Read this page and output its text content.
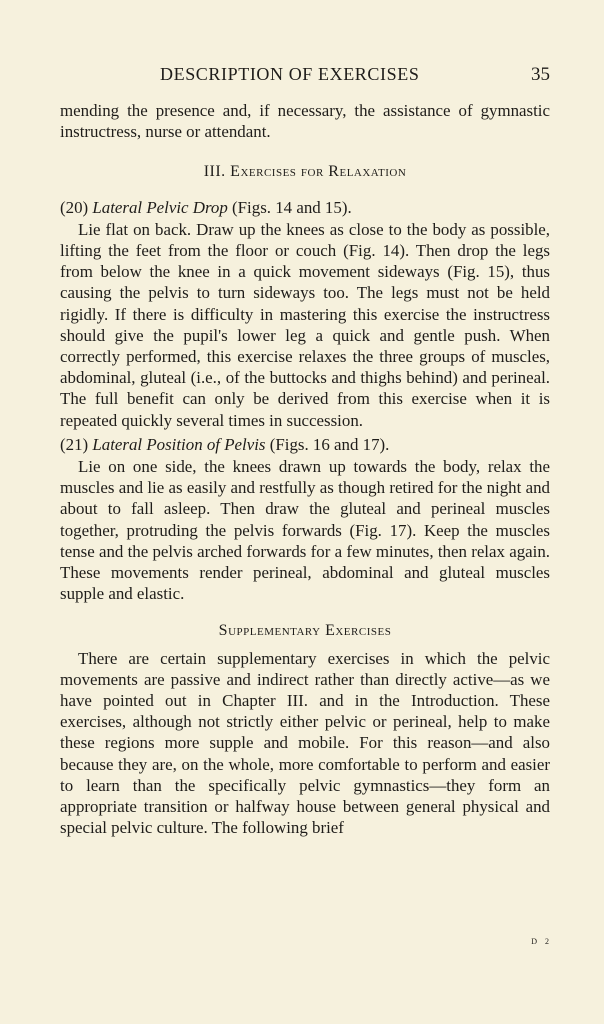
DESCRIPTION OF EXERCISES	35

mending the presence and, if necessary, the assistance of gymnastic instructress, nurse or attendant.

III. Exercises for Relaxation

(20) Lateral Pelvic Drop (Figs. 14 and 15).

Lie flat on back. Draw up the knees as close to the body as possible, lifting the feet from the floor or couch (Fig. 14). Then drop the legs from below the knee in a quick movement sideways (Fig. 15), thus causing the pelvis to turn sideways too. The legs must not be held rigidly. If there is difficulty in mastering this exercise the instructress should give the pupil's lower leg a quick and gentle push. When correctly performed, this exercise relaxes the three groups of muscles, abdominal, gluteal (i.e., of the buttocks and thighs behind) and perineal. The full benefit can only be derived from this exercise when it is repeated quickly several times in succession.

(21) Lateral Position of Pelvis (Figs. 16 and 17).

Lie on one side, the knees drawn up towards the body, relax the muscles and lie as easily and restfully as though retired for the night and about to fall asleep. Then draw the gluteal and perineal muscles together, protruding the pelvis forwards (Fig. 17). Keep the muscles tense and the pelvis arched forwards for a few minutes, then relax again. These movements render perineal, abdominal and gluteal muscles supple and elastic.

Supplementary Exercises

There are certain supplementary exercises in which the pelvic movements are passive and indirect rather than directly active—as we have pointed out in Chapter III. and in the Introduction. These exercises, although not strictly either pelvic or perineal, help to make these regions more supple and mobile. For this reason—and also because they are, on the whole, more comfortable to perform and easier to learn than the specifically pelvic gymnastics—they form an appropriate transition or halfway house between general physical and special pelvic culture. The following brief

D 2
